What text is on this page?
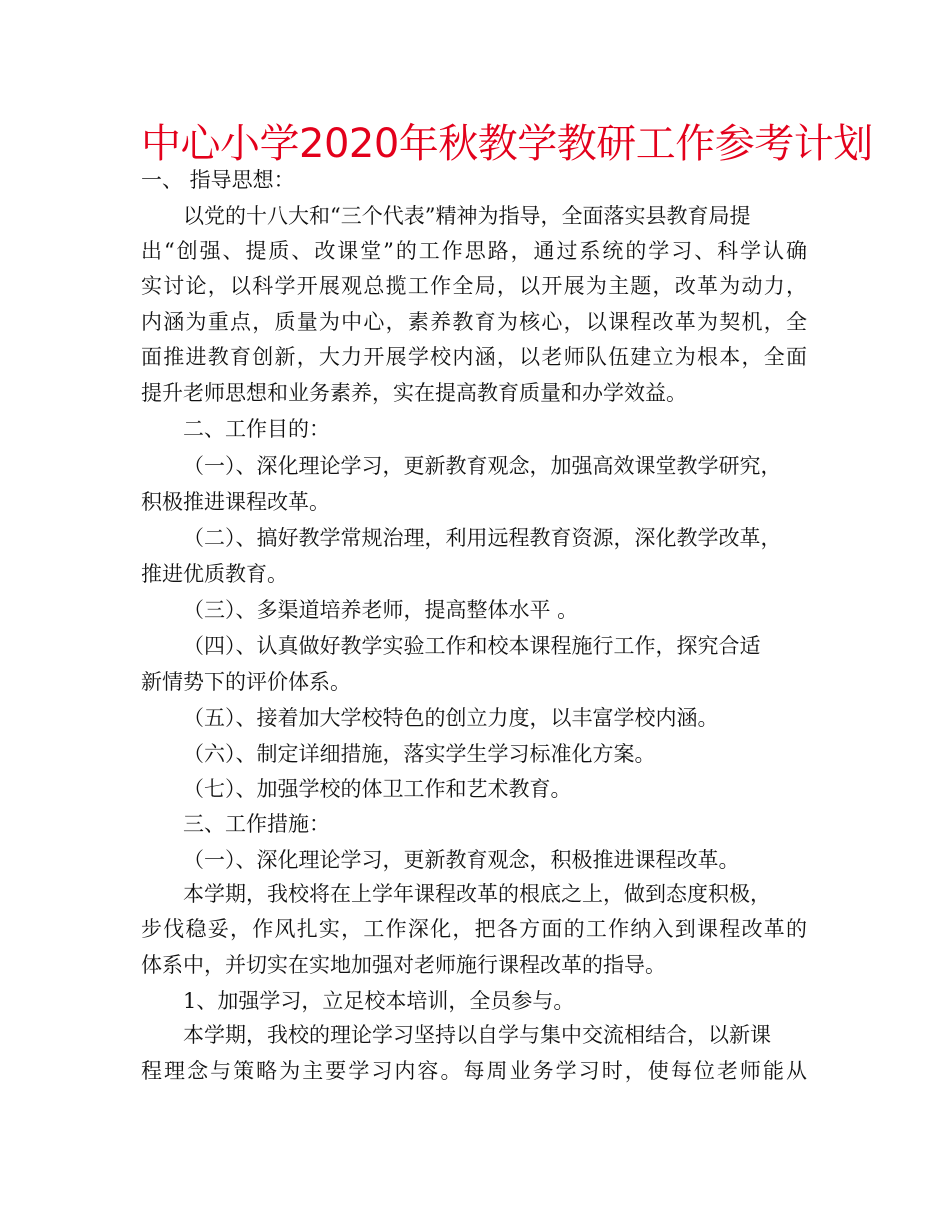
中心小学2020年秋教学教研工作参考计划
一、 指导思想：
以党的十八大和“三个代表”精神为指导，全面落实县教育局提
出“创强、提质、改课堂”的工作思路，通过系统的学习、科学认确
实讨论，以科学开展观总揽工作全局，以开展为主题，改革为动力，
内涵为重点，质量为中心，素养教育为核心，以课程改革为契机，全
面推进教育创新，大力开展学校内涵，以老师队伍建立为根本，全面
提升老师思想和业务素养，实在提高教育质量和办学效益。
二、工作目的：
（一）、深化理论学习，更新教育观念，加强高效课堂教学研究，
积极推进课程改革。
（二）、搞好教学常规治理，利用远程教育资源，深化教学改革，
推进优质教育。
（三）、多渠道培养老师，提高整体水平 。
（四）、认真做好教学实验工作和校本课程施行工作，探究合适
新情势下的评价体系。
（五）、接着加大学校特色的创立力度，以丰富学校内涵。
（六）、制定详细措施，落实学生学习标准化方案。
（七）、加强学校的体卫工作和艺术教育。
三、工作措施：
（一）、深化理论学习，更新教育观念，积极推进课程改革。
本学期，我校将在上学年课程改革的根底之上，做到态度积极，
步伐稳妥，作风扎实，工作深化，把各方面的工作纳入到课程改革的
体系中，并切实在实地加强对老师施行课程改革的指导。
1、加强学习，立足校本培训，全员参与。
本学期，我校的理论学习坚持以自学与集中交流相结合，以新课
程理念与策略为主要学习内容。每周业务学习时，使每位老师能从
